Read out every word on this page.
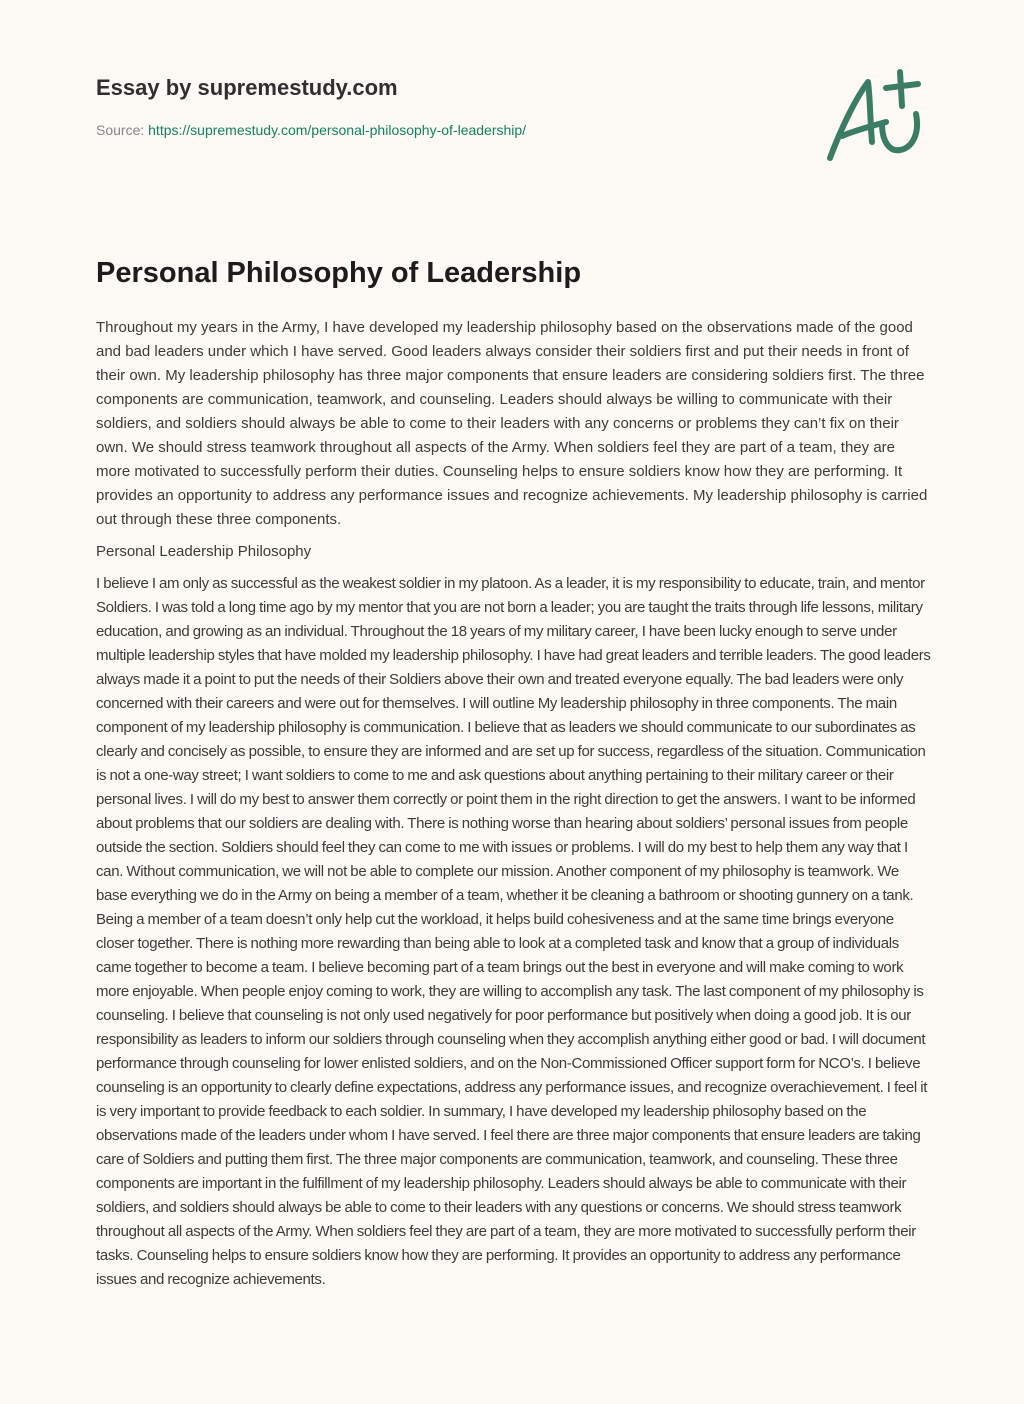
Essay by supremestudy.com
Source: https://supremestudy.com/personal-philosophy-of-leadership/
Personal Philosophy of Leadership

Throughout my years in the Army, I have developed my leadership philosophy based on the observations made of the good and bad leaders under which I have served. Good leaders always consider their soldiers first and put their needs in front of their own. My leadership philosophy has three major components that ensure leaders are considering soldiers first. The three components are communication, teamwork, and counseling. Leaders should always be willing to communicate with their soldiers, and soldiers should always be able to come to their leaders with any concerns or problems they can’t fix on their own. We should stress teamwork throughout all aspects of the Army. When soldiers feel they are part of a team, they are more motivated to successfully perform their duties. Counseling helps to ensure soldiers know how they are performing. It provides an opportunity to address any performance issues and recognize achievements. My leadership philosophy is carried out through these three components.

Personal Leadership Philosophy

I believe I am only as successful as the weakest soldier in my platoon. As a leader, it is my responsibility to educate, train, and mentor Soldiers. I was told a long time ago by my mentor that you are not born a leader; you are taught the traits through life lessons, military education, and growing as an individual. Throughout the 18 years of my military career, I have been lucky enough to serve under multiple leadership styles that have molded my leadership philosophy. I have had great leaders and terrible leaders. The good leaders always made it a point to put the needs of their Soldiers above their own and treated everyone equally. The bad leaders were only concerned with their careers and were out for themselves. I will outline My leadership philosophy in three components. The main component of my leadership philosophy is communication. I believe that as leaders we should communicate to our subordinates as clearly and concisely as possible, to ensure they are informed and are set up for success, regardless of the situation. Communication is not a one-way street; I want soldiers to come to me and ask questions about anything pertaining to their military career or their personal lives. I will do my best to answer them correctly or point them in the right direction to get the answers. I want to be informed about problems that our soldiers are dealing with. There is nothing worse than hearing about soldiers’ personal issues from people outside the section. Soldiers should feel they can come to me with issues or problems. I will do my best to help them any way that I can. Without communication, we will not be able to complete our mission. Another component of my philosophy is teamwork. We base everything we do in the Army on being a member of a team, whether it be cleaning a bathroom or shooting gunnery on a tank. Being a member of a team doesn’t only help cut the workload, it helps build cohesiveness and at the same time brings everyone closer together. There is nothing more rewarding than being able to look at a completed task and know that a group of individuals came together to become a team. I believe becoming part of a team brings out the best in everyone and will make coming to work more enjoyable. When people enjoy coming to work, they are willing to accomplish any task. The last component of my philosophy is counseling. I believe that counseling is not only used negatively for poor performance but positively when doing a good job. It is our responsibility as leaders to inform our soldiers through counseling when they accomplish anything either good or bad. I will document performance through counseling for lower enlisted soldiers, and on the Non-Commissioned Officer support form for NCO’s. I believe counseling is an opportunity to clearly define expectations, address any performance issues, and recognize overachievement. I feel it is very important to provide feedback to each soldier. In summary, I have developed my leadership philosophy based on the observations made of the leaders under whom I have served. I feel there are three major components that ensure leaders are taking care of Soldiers and putting them first. The three major components are communication, teamwork, and counseling. These three components are important in the fulfillment of my leadership philosophy. Leaders should always be able to communicate with their soldiers, and soldiers should always be able to come to their leaders with any questions or concerns. We should stress teamwork throughout all aspects of the Army. When soldiers feel they are part of a team, they are more motivated to successfully perform their tasks. Counseling helps to ensure soldiers know how they are performing. It provides an opportunity to address any performance issues and recognize achievements.
